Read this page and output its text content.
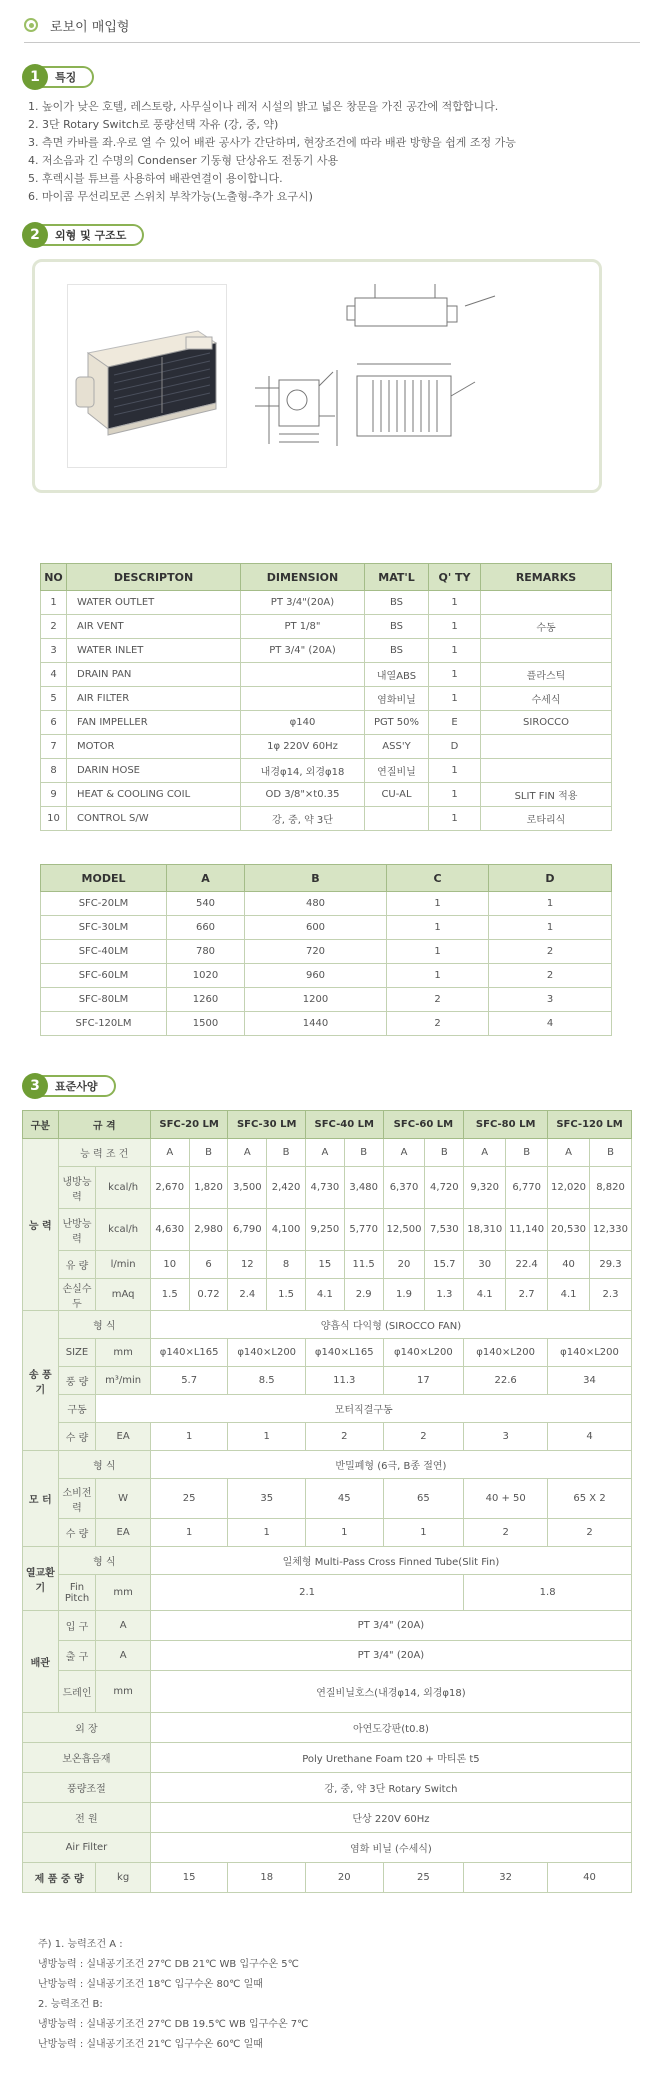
로보이 매입형
1	특징
1. 높이가 낮은 호텔, 레스토랑, 사무실이나 레저 시설의 밝고 넓은 창문을 가진 공간에 적합합니다.
2. 3단 Rotary Switch로 풍량선택 자유 (강, 중, 약)
3. 측면 카바를 좌.우로 열 수 있어 배관 공사가 간단하며, 현장조건에 따라 배관 방향을 쉽게 조정 가능
4. 저소음과 긴 수명의 Condenser 기동형 단상유도 전동기 사용
5. 후렉시블 튜브를 사용하여 배관연결이 용이합니다.
6. 마이콤 무선리모콘 스위치 부착가능(노출형-추가 요구시)
2	외형 및 구조도
NO	DESCRIPTON	DIMENSION	MAT'L	Q' TY	REMARKS
1	WATER OUTLET	PT 3/4"(20A)	BS	1	
2	AIR VENT	PT 1/8"	BS	1	수동
3	WATER INLET	PT 3/4" (20A)	BS	1	
4	DRAIN PAN		내열ABS	1	플라스틱
5	AIR FILTER		염화비닐	1	수세식
6	FAN IMPELLER	φ140	PGT 50%	E	SIROCCO
7	MOTOR	1φ 220V 60Hz	ASS'Y	D	
8	DARIN HOSE	내경φ14, 외경φ18	연질비닐	1	
9	HEAT & COOLING COIL	OD 3/8"×t0.35	CU-AL	1	SLIT FIN 적용
10	CONTROL S/W	강, 중, 약 3단		1	로타리식
MODEL	A	B	C	D
SFC-20LM	540	480	1	1
SFC-30LM	660	600	1	1
SFC-40LM	780	720	1	2
SFC-60LM	1020	960	1	2
SFC-80LM	1260	1200	2	3
SFC-120LM	1500	1440	2	4
3	표준사양
구분	규 격		SFC-20 LM		SFC-30 LM		SFC-40 LM		SFC-60 LM		SFC-80 LM		SFC-120 LM	
능 력	능 력 조 건		A	B	A	B	A	B	A	B	A	B	A	B
	냉방능력	kcal/h	2,670	1,820	3,500	2,420	4,730	3,480	6,370	4,720	9,320	6,770	12,020	8,820
	난방능력	kcal/h	4,630	2,980	6,790	4,100	9,250	5,770	12,500	7,530	18,310	11,140	20,530	12,330
	유 량	l/min	10	6	12	8	15	11.5	20	15.7	30	22.4	40	29.3
	손실수두	mAq	1.5	0.72	2.4	1.5	4.1	2.9	1.9	1.3	4.1	2.7	4.1	2.3
송 풍 기	형 식		양흡식 다익형 (SIROCCO FAN)											
	SIZE	mm	φ140×L165		φ140×L200		φ140×L165		φ140×L200		φ140×L200		φ140×L200	
	풍 량	m³/min	5.7		8.5		11.3		17		22.6		34	
	구동	모터직결구동												
	수 량	EA	1		1		2		2		3		4	
모 터	형 식		반밀폐형 (6극, B종 절연)											
	소비전력	W	25		35		45		65		40 + 50		65 X 2	
	수 량	EA	1		1		1		1		2		2	
열교환기	형 식		일체형 Multi-Pass Cross Finned Tube(Slit Fin)											
	Fin Pitch	mm	2.1								1.8			
배관	입 구	A	PT 3/4" (20A)											
	출 구	A	PT 3/4" (20A)											
	드레인	mm	연질비닐호스(내경φ14, 외경φ18)											
외 장			아연도강판(t0.8)											
보온흡음재			Poly Urethane Foam t20 + 마티론 t5											
풍량조절			강, 중, 약 3단 Rotary Switch											
전 원			단상 220V 60Hz											
Air Filter			염화 비닐 (수세식)											
제 품 중 량		kg	15		18		20		25		32		40	
주) 1. 능력조건 A :
냉방능력 : 실내공기조건 27℃ DB 21℃ WB 입구수온 5℃
난방능력 : 실내공기조건 18℃ 입구수온 80℃ 일때
2. 능력조건 B:
냉방능력 : 실내공기조건 27℃ DB 19.5℃ WB 입구수온 7℃
난방능력 : 실내공기조건 21℃ 입구수온 60℃ 일때
